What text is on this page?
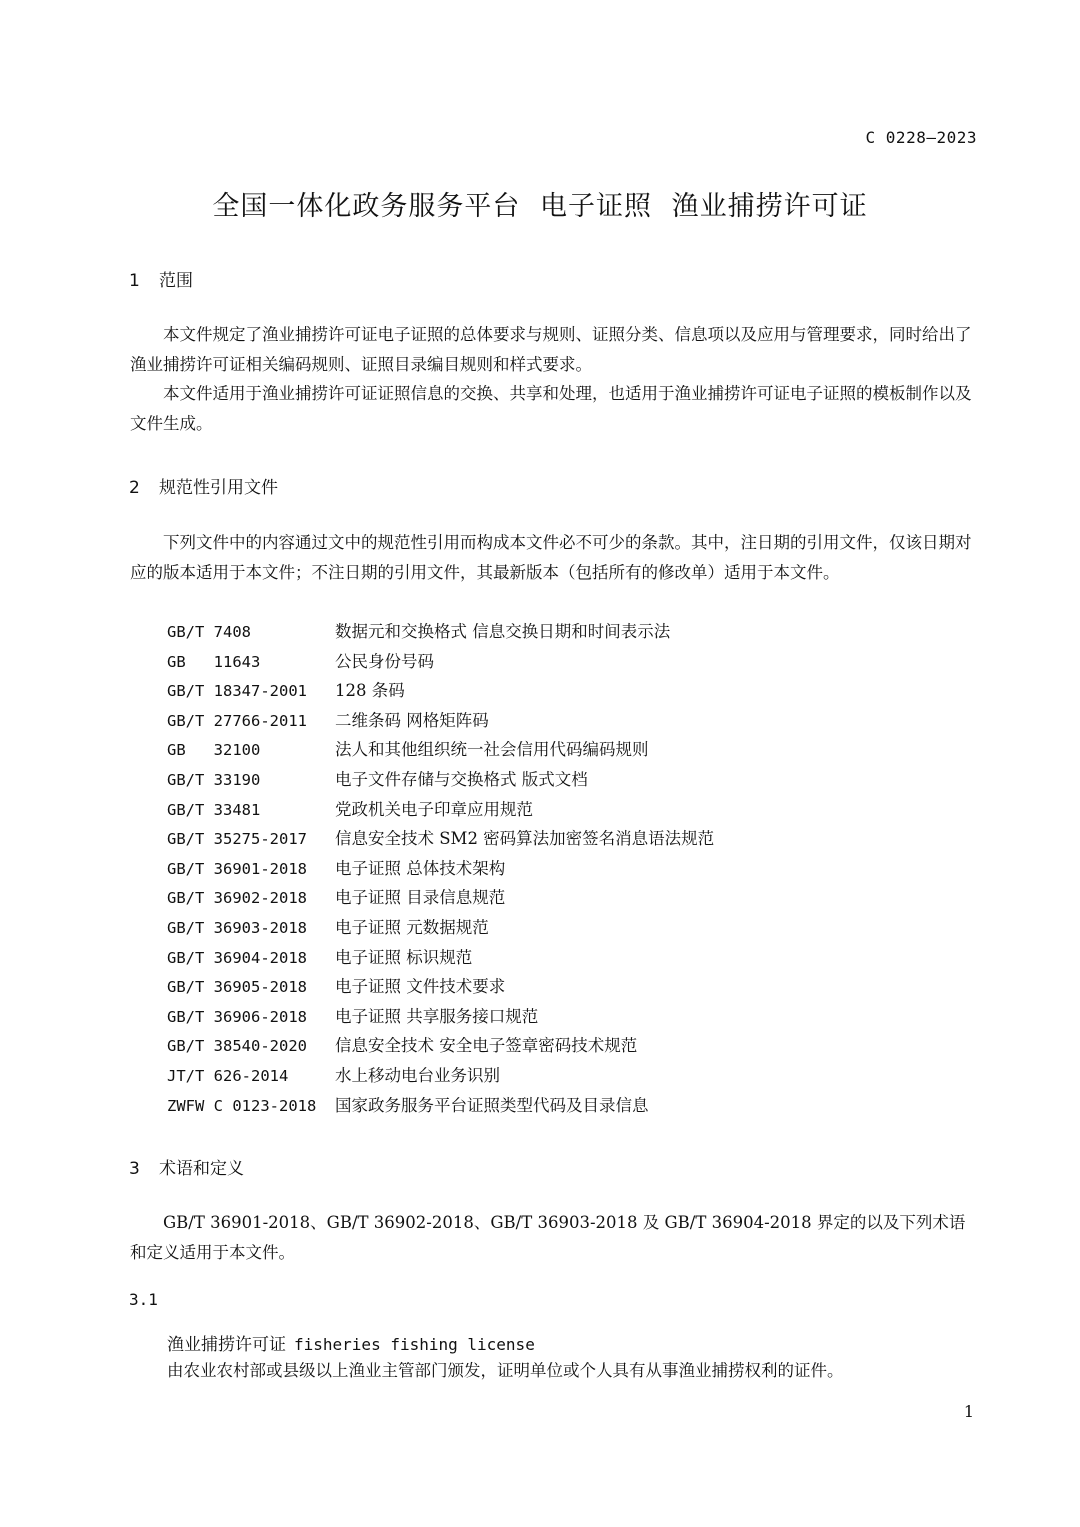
C 0228—2023
全国一体化政务服务平台 电子证照 渔业捕捞许可证
1 范围

本文件规定了渔业捕捞许可证电子证照的总体要求与规则、证照分类、信息项以及应用与管理要求，同时给出了渔业捕捞许可证相关编码规则、证照目录编目规则和样式要求。

本文件适用于渔业捕捞许可证证照信息的交换、共享和处理，也适用于渔业捕捞许可证电子证照的模板制作以及文件生成。

2 规范性引用文件

下列文件中的内容通过文中的规范性引用而构成本文件必不可少的条款。其中，注日期的引用文件，仅该日期对应的版本适用于本文件；不注日期的引用文件，其最新版本（包括所有的修改单）适用于本文件。

GB/T 7408	数据元和交换格式 信息交换日期和时间表示法
GB   11643	公民身份号码
GB/T 18347-2001 128 条码
GB/T 27766-2011 二维条码 网格矩阵码
GB   32100	法人和其他组织统一社会信用代码编码规则
GB/T 33190	电子文件存储与交换格式 版式文档
GB/T 33481	党政机关电子印章应用规范
GB/T 35275-2017 信息安全技术 SM2 密码算法加密签名消息语法规范
GB/T 36901-2018 电子证照 总体技术架构
GB/T 36902-2018 电子证照 目录信息规范
GB/T 36903-2018 电子证照 元数据规范
GB/T 36904-2018 电子证照 标识规范
GB/T 36905-2018 电子证照 文件技术要求
GB/T 36906-2018 电子证照 共享服务接口规范
GB/T 38540-2020 信息安全技术 安全电子签章密码技术规范
JT/T 626-2014	水上移动电台业务识别
ZWFW C 0123-2018 国家政务服务平台证照类型代码及目录信息
3 术语和定义

GB/T 36901-2018、GB/T 36902-2018、GB/T 36903-2018 及 GB/T 36904-2018 界定的以及下列术语和定义适用于本文件。

3.1
渔业捕捞许可证 fisheries fishing license
由农业农村部或县级以上渔业主管部门颁发，证明单位或个人具有从事渔业捕捞权利的证件。
1
